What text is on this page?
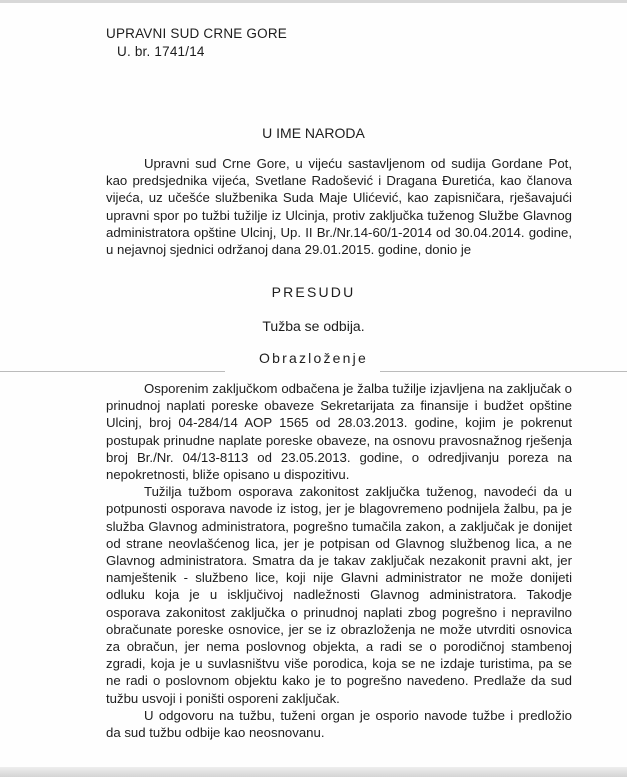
UPRAVNI SUD CRNE GORE
U. br. 1741/14
U IME NARODA

Upravni sud Crne Gore, u vijeću sastavljenom od sudija Gordane Pot, kao predsjednika vijeća, Svetlane Radošević i Dragana Đuretića, kao članova vijeća, uz učešće službenika Suda Maje Ulićević, kao zapisničara, rješavajući upravni spor po tužbi tužilje iz Ulcinja, protiv zaključka tuženog Službe Glavnog administratora opštine Ulcinj, Up. II Br./Nr.14-60/1-2014 od 30.04.2014. godine, u nejavnoj sjednici održanoj dana 29.01.2015. godine, donio je

PRESUDU
Tužba se odbija.
Obrazloženje

Osporenim zaključkom odbačena je žalba tužilje izjavljena na zaključak o prinudnoj naplati poreske obaveze Sekretarijata za finansije i budžet opštine Ulcinj, broj 04-284/14 AOP 1565 od 28.03.2013. godine, kojim je pokrenut postupak prinudne naplate poreske obaveze, na osnovu pravosnažnog rješenja broj Br./Nr. 04/13-8113 od 23.05.2013. godine, o odredjivanju poreza na nepokretnosti, bliže opisano u dispozitivu.

Tužilja tužbom osporava zakonitost zaključka tuženog, navodeći da u potpunosti osporava navode iz istog, jer je blagovremeno podnijela žalbu, pa je služba Glavnog administratora, pogrešno tumačila zakon, a zaključak je donijet od strane neovlašćenog lica, jer je potpisan od Glavnog službenog lica, a ne Glavnog administratora. Smatra da je takav zaključak nezakonit pravni akt, jer namještenik - službeno lice, koji nije Glavni administrator ne može donijeti odluku koja je u isključivoj nadležnosti Glavnog administratora. Takodje osporava zakonitost zaključka o prinudnoj naplati zbog pogrešno i nepravilno obračunate poreske osnovice, jer se iz obrazloženja ne može utvrditi osnovica za obračun, jer nema poslovnog objekta, a radi se o porodičnoj stambenoj zgradi, koja je u suvlasništvu više porodica, koja se ne izdaje turistima, pa se ne radi o poslovnom objektu kako je to pogrešno navedeno. Predlaže da sud tužbu usvoji i poništi osporeni zaključak.

U odgovoru na tužbu, tuženi organ je osporio navode tužbe i predložio da sud tužbu odbije kao neosnovanu.
